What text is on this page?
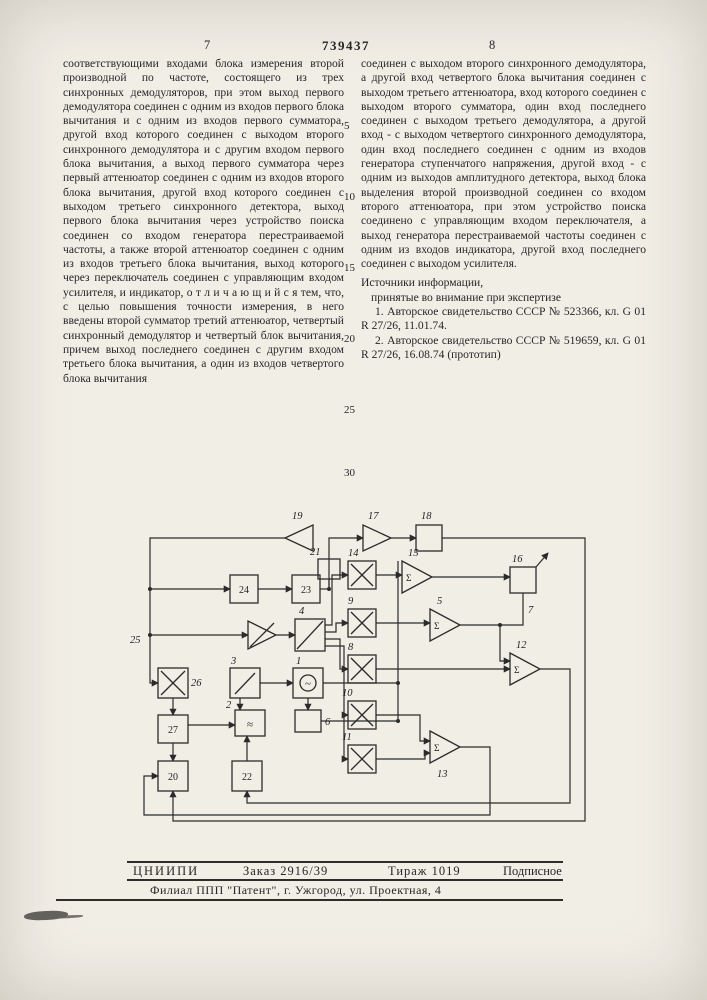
7	739437	8
соответствующими входами блока измерения второй производной по частоте, состоящего из трех синхронных демодуляторов, при этом выход первого демодулятора соединен с одним из входов первого блока вычитания и с одним из входов первого сумматора, другой вход которого соединен с выходом второго синхронного демодулятора и с другим входом первого блока вычитания, а выход первого сумматора через первый аттенюатор соединен с одним из входов второго блока вычитания, другой вход которого соединен с выходом третьего синхронного детектора, выход первого блока вычитания через устройство поиска соединен со входом генератора перестраиваемой частоты, а также второй аттенюатор соединен с одним из входов третьего блока вычитания, выход которого через переключатель соединен с управляющим входом усилителя, и индикатор, о т л и ч а ю щ и й с я тем, что, с целью повышения точности измерения, в него введены второй сумматор третий аттенюатор, четвертый синхронный демодулятор и четвертый блок вычитания, причем выход последнего соединен с другим входом третьего блока вычитания, а один из входов четвертого блока вычитания
5
10
15
20
25
30

соединен с выходом второго синхронного демодулятора, а другой вход четвертого блока вычитания соединен с выходом третьего аттенюатора, вход которого соединен с выходом второго сумматора, один вход последнего соединен с выходом третьего демодулятора, а другой вход - с выходом четвертого синхронного демодулятора, один вход последнего соединен с одним из входов генератора ступенчатого напряжения, другой вход - с одним из выходов амплитудного детектора, выход блока выделения второй производной соединен со входом второго аттенюатора, при этом устройство поиска соединено с управляющим входом переключателя, а выход генератора перестраиваемой частоты соединен с одним из входов индикатора, другой вход последнего соединен с выходом усилителя.

Источники информации,

принятые во внимание при экспертизе

1. Авторское свидетельство СССР № 523366, кл. G 01 R 27/26, 11.01.74.

2. Авторское свидетельство СССР № 519659, кл. G 01 R 27/26, 16.08.74 (прототип)

19	17	18
16
24	23
21
4
14
9
8
10
11
Σ
15
Σ
5
Σ
12
Σ
13
26
3
~
1
6
≈
2
27
20	22
7
25
ЦНИИПИ	Заказ 2916/39	Тираж 1019	Подписное
Филиал ППП "Патент", г. Ужгород, ул. Проектная, 4
